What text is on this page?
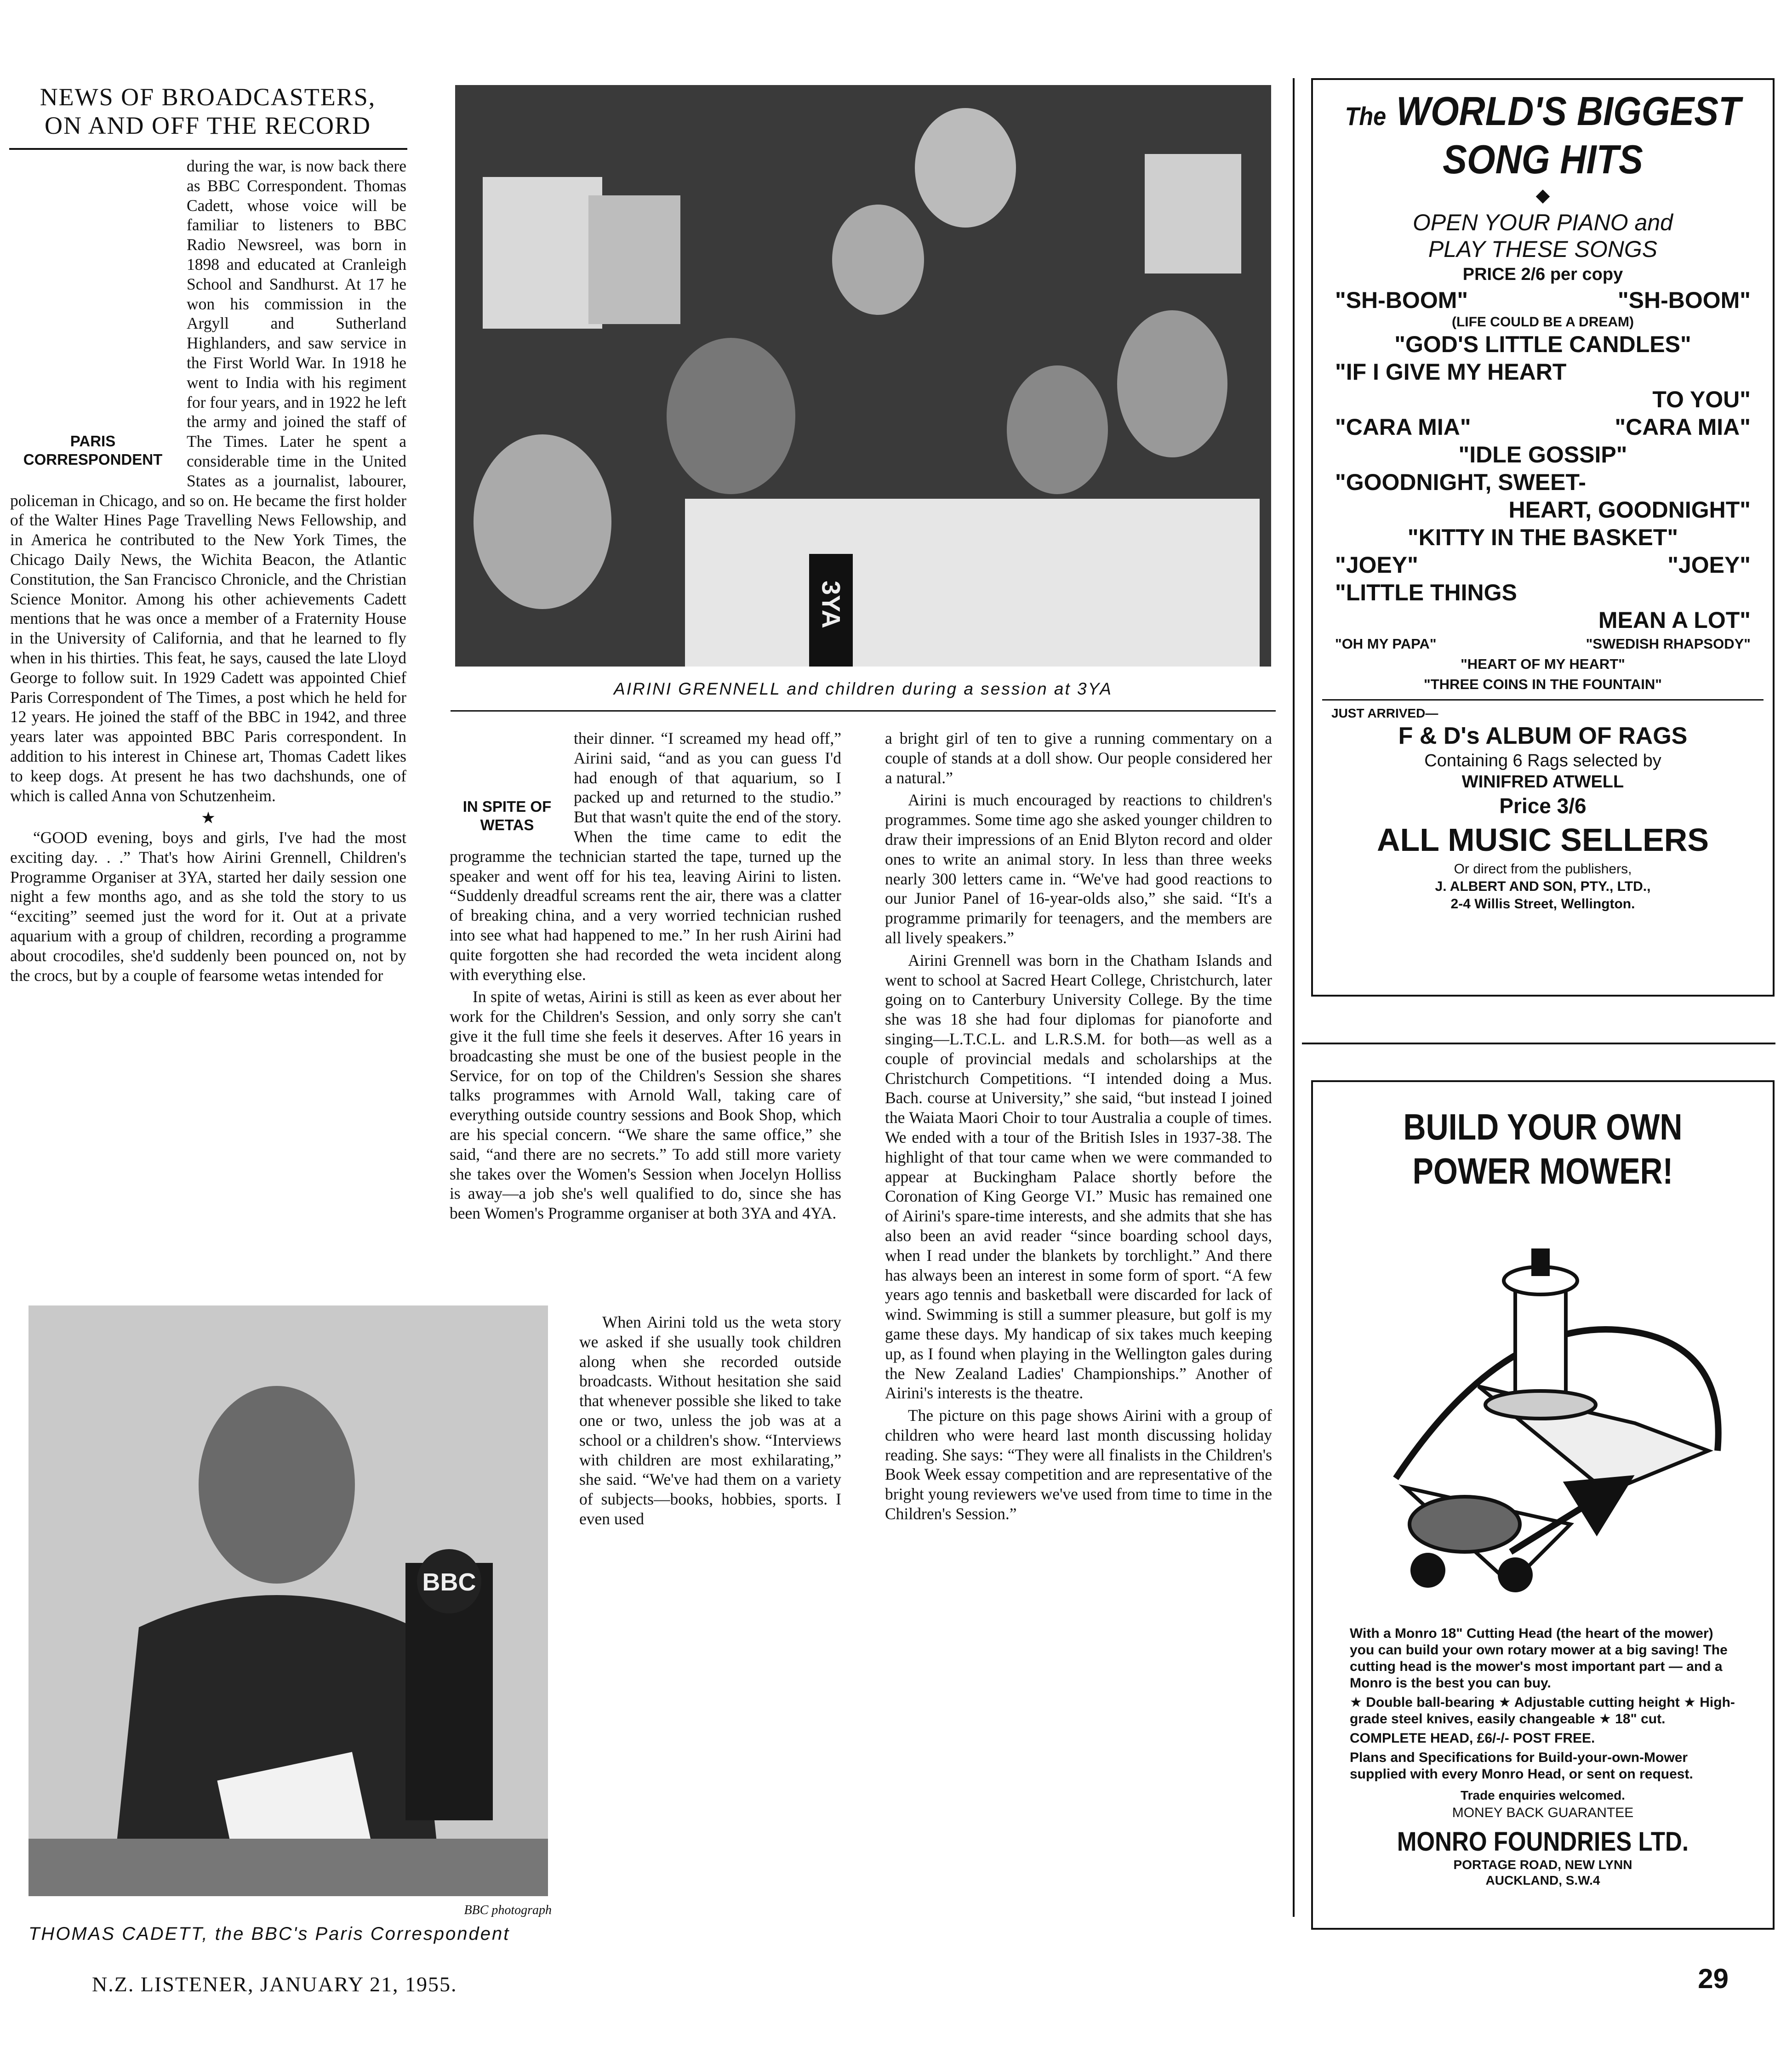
NEWS OF BROADCASTERS,
ON AND OFF THE RECORD
PARIS CORRESPONDENT

during the war, is now back there as BBC Correspondent. Thomas Cadett, whose voice will be familiar to listeners to BBC Radio Newsreel, was born in 1898 and educated at Cranleigh School and Sandhurst. At 17 he won his commission in the Argyll and Sutherland Highlanders, and saw service in the First World War. In 1918 he went to India with his regiment for four years, and in 1922 he left the army and joined the staff of The Times. Later he spent a considerable time in the United States as a journalist, labourer, policeman in Chicago, and so on. He became the first holder of the Walter Hines Page Travelling News Fellowship, and in America he contributed to the New York Times, the Chicago Daily News, the Wichita Beacon, the Atlantic Constitution, the San Francisco Chronicle, and the Christian Science Monitor. Among his other achievements Cadett mentions that he was once a member of a Fraternity House in the University of California, and that he learned to fly when in his thirties. This feat, he says, caused the late Lloyd George to follow suit. In 1929 Cadett was appointed Chief Paris Correspondent of The Times, a post which he held for 12 years. He joined the staff of the BBC in 1942, and three years later was appointed BBC Paris correspondent. In addition to his interest in Chinese art, Thomas Cadett likes to keep dogs. At present he has two dachshunds, one of which is called Anna von Schutzenheim.

★

“GOOD evening, boys and girls, I've had the most exciting day. . .” That's how Airini Grennell, Children's Programme Organiser at 3YA, started her daily session one night a few months ago, and as she told the story to us “exciting” seemed just the word for it. Out at a private aquarium with a group of children, recording a programme about crocodiles, she'd suddenly been pounced on, not by the crocs, but by a couple of fearsome wetas intended for

3YA
AIRINI GRENNELL and children during a session at 3YA
IN SPITE OF WETAS

their dinner. “I screamed my head off,” Airini said, “and as you can guess I'd had enough of that aquarium, so I packed up and returned to the studio.” But that wasn't quite the end of the story. When the time came to edit the programme the technician started the tape, turned up the speaker and went off for his tea, leaving Airini to listen. “Suddenly dreadful screams rent the air, there was a clatter of breaking china, and a very worried technician rushed into see what had happened to me.” In her rush Airini had quite forgotten she had recorded the weta incident along with everything else.

In spite of wetas, Airini is still as keen as ever about her work for the Children's Session, and only sorry she can't give it the full time she feels it deserves. After 16 years in broadcasting she must be one of the busiest people in the Service, for on top of the Children's Session she shares talks programmes with Arnold Wall, taking care of everything outside country sessions and Book Shop, which are his special concern. “We share the same office,” she said, “and there are no secrets.” To add still more variety she takes over the Women's Session when Jocelyn Holliss is away—a job she's well qualified to do, since she has been Women's Programme organiser at both 3YA and 4YA.

When Airini told us the weta story we asked if she usually took children along when she recorded outside broadcasts. Without hesitation she said that whenever possible she liked to take one or two, unless the job was at a school or a children's show. “Interviews with children are most exhilarating,” she said. “We've had them on a variety of subjects—books, hobbies, sports. I even used

a bright girl of ten to give a running commentary on a couple of stands at a doll show. Our people considered her a natural.”

Airini is much encouraged by reactions to children's programmes. Some time ago she asked younger children to draw their impressions of an Enid Blyton record and older ones to write an animal story. In less than three weeks nearly 300 letters came in. “We've had good reactions to our Junior Panel of 16-year-olds also,” she said. “It's a programme primarily for teenagers, and the members are all lively speakers.”

Airini Grennell was born in the Chatham Islands and went to school at Sacred Heart College, Christchurch, later going on to Canterbury University College. By the time she was 18 she had four diplomas for pianoforte and singing—L.T.C.L. and L.R.S.M. for both—as well as a couple of provincial medals and scholarships at the Christchurch Competitions. “I intended doing a Mus. Bach. course at University,” she said, “but instead I joined the Waiata Maori Choir to tour Australia a couple of times. We ended with a tour of the British Isles in 1937-38. The highlight of that tour came when we were commanded to appear at Buckingham Palace shortly before the Coronation of King George VI.” Music has remained one of Airini's spare-time interests, and she admits that she has also been an avid reader “since boarding school days, when I read under the blankets by torchlight.” And there has always been an interest in some form of sport. “A few years ago tennis and basketball were discarded for lack of wind. Swimming is still a summer pleasure, but golf is my game these days. My handicap of six takes much keeping up, as I found when playing in the Wellington gales during the New Zealand Ladies' Championships.” Another of Airini's interests is the theatre.

The picture on this page shows Airini with a group of children who were heard last month discussing holiday reading. She says: “They were all finalists in the Children's Book Week essay competition and are representative of the bright young reviewers we've used from time to time in the Children's Session.”

BBC
BBC photograph
THOMAS CADETT, the BBC's Paris Correspondent
N.Z. LISTENER, JANUARY 21, 1955.	29
The WORLD'S BIGGEST
SONG HITS
◆
OPEN YOUR PIANO and
PLAY THESE SONGS
PRICE 2/6 per copy
"SH-BOOM"	"SH-BOOM"
(LIFE COULD BE A DREAM)
"GOD'S LITTLE CANDLES"
"IF I GIVE MY HEART
TO YOU"
"CARA MIA"	"CARA MIA"
"IDLE GOSSIP"
"GOODNIGHT, SWEET-
HEART, GOODNIGHT"
"KITTY IN THE BASKET"
"JOEY"	"JOEY"
"LITTLE THINGS
MEAN A LOT"
"OH MY PAPA"	"SWEDISH RHAPSODY"
"HEART OF MY HEART"
"THREE COINS IN THE FOUNTAIN"
JUST ARRIVED—
F & D's ALBUM OF RAGS
Containing 6 Rags selected by
WINIFRED ATWELL
Price 3/6
ALL MUSIC SELLERS
Or direct from the publishers,
J. ALBERT AND SON, PTY., LTD.,
2-4 Willis Street, Wellington.
BUILD YOUR OWN
POWER MOWER!
With a Monro 18" Cutting Head (the heart of the mower) you can build your own rotary mower at a big saving! The cutting head is the mower's most important part — and a Monro is the best you can buy.
★ Double ball-bearing ★ Adjustable cutting height ★ High-grade steel knives, easily changeable ★ 18" cut.
COMPLETE HEAD, £6/-/- POST FREE.
Plans and Specifications for Build-your-own-Mower supplied with every Monro Head, or sent on request.
Trade enquiries welcomed.
MONEY BACK GUARANTEE
MONRO FOUNDRIES LTD.
PORTAGE ROAD, NEW LYNN
AUCKLAND, S.W.4
